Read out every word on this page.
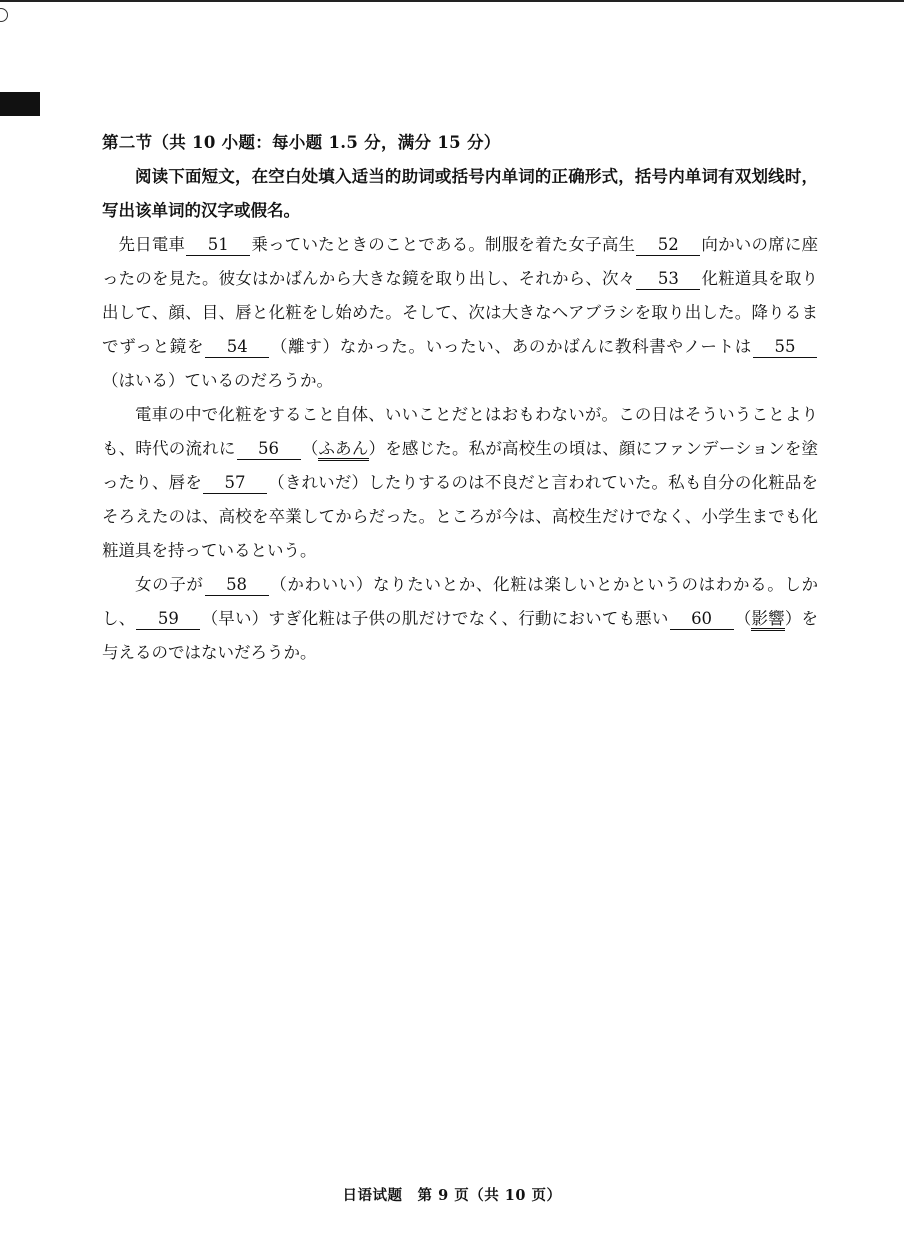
第二节（共 10 小题：每小题 1.5 分，满分 15 分）

阅读下面短文，在空白处填入适当的助词或括号内单词的正确形式，括号内单词有双划线时，写出该单词的汉字或假名。

先日電車 51 乗っていたときのことである。制服を着た女子高生 52 向かいの席に座ったのを見た。彼女はかばんから大きな鏡を取り出し、それから、次々 53 化粧道具を取り出して、顔、目、唇と化粧をし始めた。そして、次は大きなヘアブラシを取り出した。降りるまでずっと鏡を 54 （離す）なかった。いったい、あのかばんに教科書やノートは 55（はいる）ているのだろうか。

電車の中で化粧をすること自体、いいことだとはおもわないが。この日はそういうことよりも、時代の流れに 56 （ふあん）を感じた。私が高校生の頃は、顔にファンデーションを塗ったり、唇を 57 （きれいだ）したりするのは不良だと言われていた。私も自分の化粧品をそろえたのは、高校を卒業してからだった。ところが今は、高校生だけでなく、小学生までも化粧道具を持っているという。

女の子が 58 （かわいい）なりたいとか、化粧は楽しいとかというのはわかる。しかし、 59 （早い）すぎ化粧は子供の肌だけでなく、行動においても悪い 60 （影響）を与えるのではないだろうか。

日语试题　第 9 页（共 10 页）
